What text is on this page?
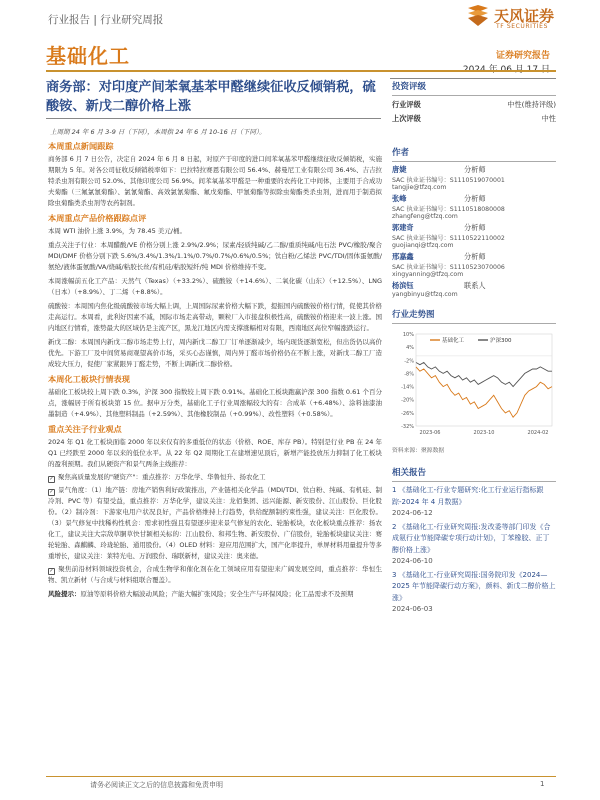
行业报告 | 行业研究周报	天风证券
TF SECURITIES
基础化工	证券研究报告
商务部：对印度产间苯氧基苯甲醛继续征收反倾销税，硫酸铵、新戊二醇价格上涨
上周期 24 年 6 月 3-9 日（下同），本周指 24 年 6 月 10-16 日（下同）。
本周重点新闻跟踪
商务部 6 月 7 日公告，决定自 2024 年 6 月 8 日起，对原产于印度的进口间苯氧基苯甲醛继续征收反倾销税，实施期限为 5 年。对各公司征收反倾销税率如下：巴拉特拉赛恩有限公司 56.4%、赫曼尼工业有限公司 36.4%、吉吉拉特杀虫剂有限公司 52.0%、其他印度公司 56.9%。间苯氧基苯甲醛是一种重要的农药化工中间体，主要用于合成功夫菊酯（三氟氯氰菊酯）、氯氰菊酯、高效氯氰菊酯、氟戊菊酯、甲氰菊酯等拟除虫菊酯类杀虫剂，进而用于制造拟除虫菊酯类杀虫剂等农药制剂。
本周重点产品价格跟踪点评
本周 WTI 油价上涨 3.9%，为 78.45 美元/桶。
重点关注子行业：本周醋酸/VE 价格分别上涨 2.9%/2.9%；尿素/轻质纯碱/乙二醇/重质纯碱/电石法 PVC/橡胶/聚合 MDI/DMF 价格分别下跌 5.6%/3.4%/1.3%/1.1%/0.7%/0.7%/0.6%/0.5%；钛白粉/乙烯法 PVC/TDI/固体蛋氨酸/氨纶/液体蛋氨酸/VA/烧碱/粘胶长丝/有机硅/粘胶短纤/纯 MDI 价格维持不变。
本周涨幅前五化工产品：天然气（Texas）（+33.2%）、硫酸铵（+14.6%）、二氧化碳（山东）（+12.5%）、LNG（日本）（+8.9%）、丁二烯（+8.8%）。
硫酸铵：本周国内焦化级硫酸铵市场大幅上调，上周国际尿素价格大幅下跌，提振国内硫酸铵价格行情，促使其价格走高运行。本周看，此利好因素不减，国际市场走高带动，颗粒厂入市接盘积极性高，硫酸铵价格迎来一波上涨。国内地区行情看，涨势最大的区域仍是主流产区，黑龙江地区内需支撑涨幅相对有限，西南地区高位窄幅涨跌运行。
新戊二醇：本周国内新戊二醇市场走势上行，周内新戊二醇工厂订单逐渐减少，场内现货逐渐宽松，但出货仍以高价优先。下游工厂及中间贸易商观望高价市场，采买心态谨慎，周内异丁醛市场价格仍在不断上涨，对新戊二醇工厂造成较大压力，促使厂家紧跟异丁醛走势，不断上调新戊二醇价格。
本周化工板块行情表现
基础化工板块较上周下跌 0.3%，沪深 300 指数较上周下跌 0.91%。基础化工板块跑赢沪深 300 指数 0.61 个百分点，涨幅居于所有板块第 15 位。据申万分类，基础化工子行业周涨幅较大的有：合成革（+6.48%）、涂料油漆油墨制造（+4.9%）、其他塑料制品（+2.59%）、其他橡胶制品（+0.99%）、改性塑料（+0.58%）。
重点关注子行业观点
2024 年 Q1 化工板块面临 2000 年以来仅有的多重低位的状态（价格、ROE、库存 PB）。特别是行业 PB 在 24 年 Q1 已经跌至 2000 年以来的低位水平。从 22 年 Q2 周期化工在建增速见顶后，新增产能投放压力抑制了化工板块的盈利预期。我们从硬资产和景气两条主线推荐：
✓ 聚焦高质量发展的"硬资产"：重点推荐：万华化学、华鲁恒升、扬农化工
✓ 景气角度：（1）地产链：房地产销售利好政策推出，产业链相关化学品（MDI/TDI、钛白粉、纯碱、有机硅、制冷剂、PVC 等）有望受益，重点推荐：万华化学，建议关注：龙佰集团、远兴能源、新安股份、江山股份、巨化股份。（2）制冷剂：下游家电用户状况良好，产品价格维持上行趋势，供给配额制约束性强，建议关注：巨化股份。（3）景气修复中找稀构性机会：需求初性强且有望逐步迎来景气修复的农化、轮胎板块，农化板块重点推荐：扬农化工，建议关注大宗敌草胴草快甘颍相关标的：江山股份、和邦生物、新安股份、广信股份，轮胎板块建议关注：赛轮轮胎、森麒麟、玲珑轮胎、通用股份。（4）OLED 材料：迎应用范围扩大，国产化率提升，单屏材料用量提升等多重增长，建议关注：莱特光电、万润股份、瑞联新材，建议关注：奥来德。
✓ 聚焦前沿材料领域投资机会，合成生物学和催化剂在化工领域应用有望迎来广阔发展空间，重点推荐：华恒生物、凯立新材（与合成与材料组联合覆盖）。
风险提示：原油等原料价格大幅波动风险；产能大幅扩张风险；安全生产与环保风险；化工品需求不及预期
投资评级
行业评级	中性(维持评级)
上次评级	中性
作者
唐婕	分析师
SAC 执业证书编号：S1110519070001
tangjie@tfzq.com
张峰	分析师
SAC 执业证书编号：S1110518080008
zhangfeng@tfzq.com
郭建奇	分析师
SAC 执业证书编号：S1110522110002
guojianqi@tfzq.com
邢嘉鑫	分析师
SAC 执业证书编号：S1110523070006
xingyanning@tfzq.com
杨滨钰	联系人
yangbinyu@tfzq.com
行业走势图
10%
4%
-2%
-8%
-14%
-20%
-26%
-32%
2023-06	2023-10	2024-02
基础化工	沪深300
资料来源：聚源数据
相关报告
1 《基础化工-行业专题研究:化工行业运行指标跟踪-2024 年 4 月数据》
2024-06-12
2 《基础化工-行业研究周报:发改委等部门印发《合成氨行业节能降碳专项行动计划》，丁苯橡胶、正丁醇价格上涨》
2024-06-10
3 《基础化工-行业研究周报:国务院印发《2024—2025 年节能降碳行动方案》，颜料、新戊二醇价格上涨》
2024-06-03
请务必阅读正文之后的信息披露和免责申明	1
